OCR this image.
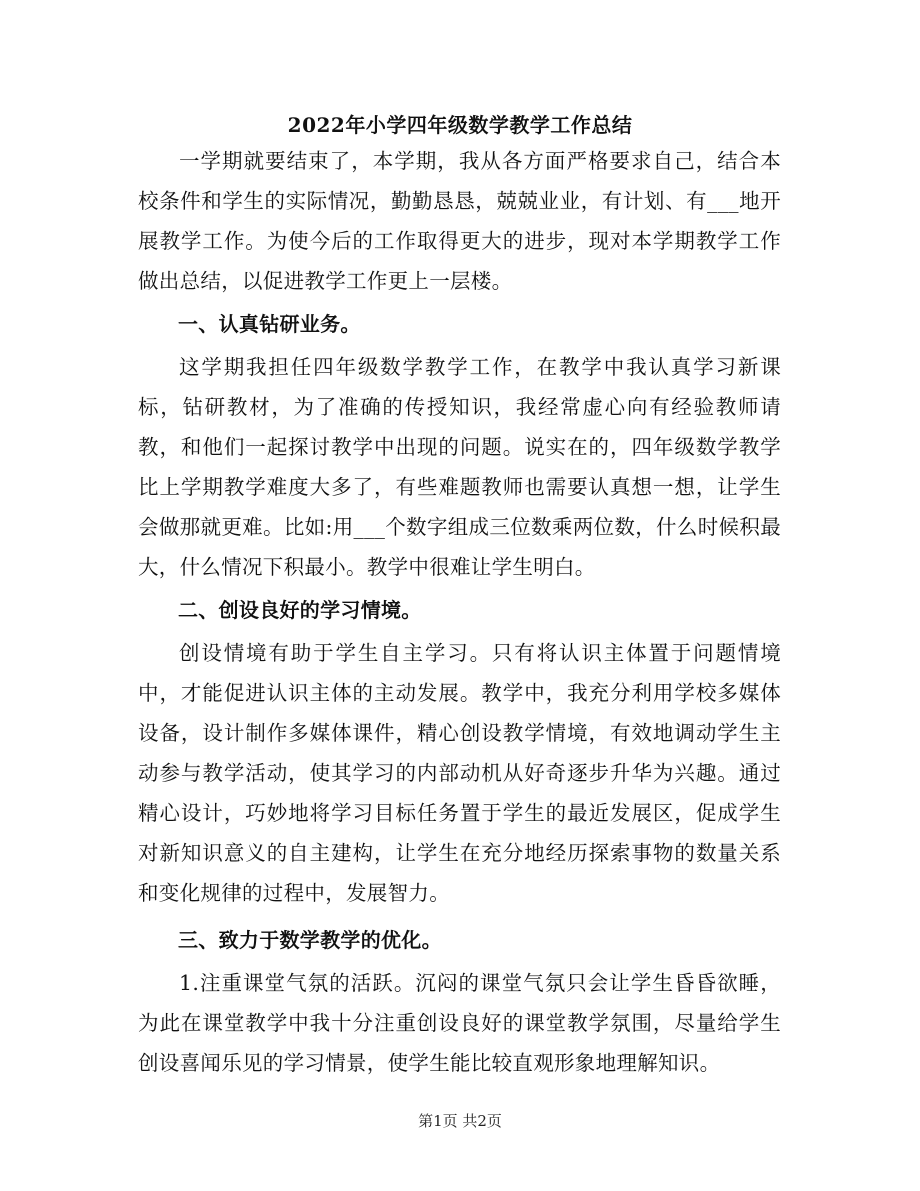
2022年小学四年级数学教学工作总结

一学期就要结束了，本学期，我从各方面严格要求自己，结合本校条件和学生的实际情况，勤勤恳恳，兢兢业业，有计划、有___地开展教学工作。为使今后的工作取得更大的进步，现对本学期教学工作做出总结，以促进教学工作更上一层楼。

一、认真钻研业务。

这学期我担任四年级数学教学工作，在教学中我认真学习新课标，钻研教材，为了准确的传授知识，我经常虚心向有经验教师请教，和他们一起探讨教学中出现的问题。说实在的，四年级数学教学比上学期教学难度大多了，有些难题教师也需要认真想一想，让学生会做那就更难。比如:用___个数字组成三位数乘两位数，什么时候积最大，什么情况下积最小。教学中很难让学生明白。

二、创设良好的学习情境。

创设情境有助于学生自主学习。只有将认识主体置于问题情境中，才能促进认识主体的主动发展。教学中，我充分利用学校多媒体设备，设计制作多媒体课件，精心创设教学情境，有效地调动学生主动参与教学活动，使其学习的内部动机从好奇逐步升华为兴趣。通过精心设计，巧妙地将学习目标任务置于学生的最近发展区，促成学生对新知识意义的自主建构，让学生在充分地经历探索事物的数量关系和变化规律的过程中，发展智力。

三、致力于数学教学的优化。

1.注重课堂气氛的活跃。沉闷的课堂气氛只会让学生昏昏欲睡，为此在课堂教学中我十分注重创设良好的课堂教学氛围，尽量给学生创设喜闻乐见的学习情景，使学生能比较直观形象地理解知识。

第1页 共2页
